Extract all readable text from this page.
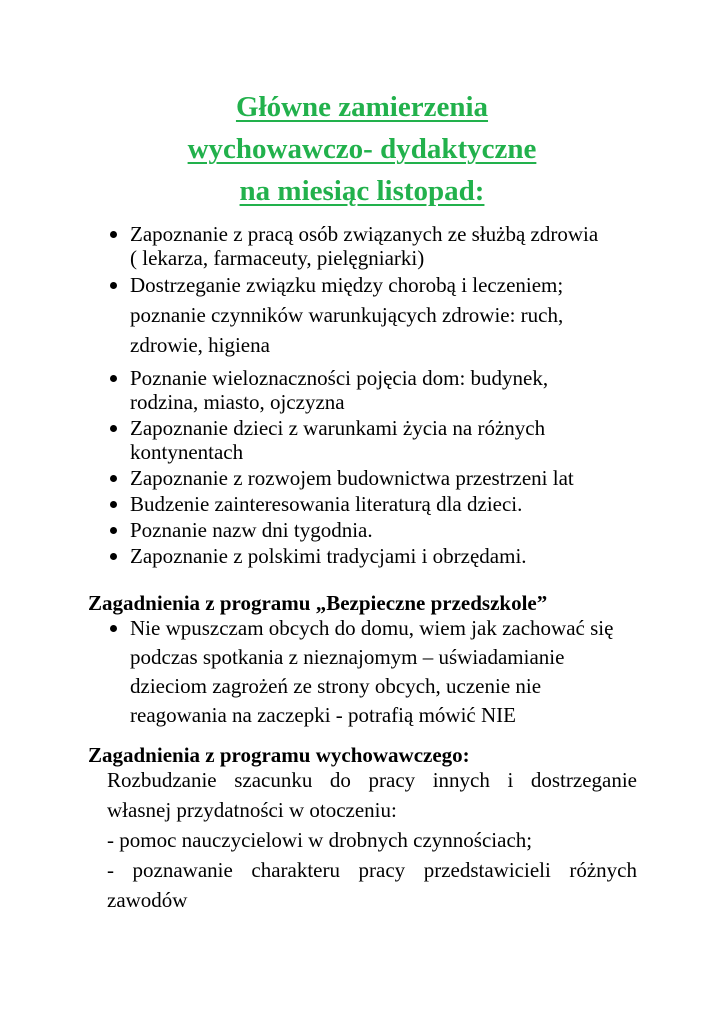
Główne zamierzenia
wychowawczo- dydaktyczne
na miesiąc listopad:
Zapoznanie z pracą osób związanych ze służbą zdrowia
( lekarza, farmaceuty, pielęgniarki)
Dostrzeganie związku między chorobą i leczeniem;
poznanie czynników warunkujących zdrowie: ruch,
zdrowie, higiena
Poznanie wieloznaczności pojęcia dom: budynek,
rodzina, miasto, ojczyzna
Zapoznanie dzieci z warunkami życia na różnych
kontynentach
Zapoznanie z rozwojem budownictwa przestrzeni lat
Budzenie zainteresowania literaturą dla dzieci.
Poznanie nazw dni tygodnia.
Zapoznanie z polskimi tradycjami i obrzędami.
Zagadnienia z programu „Bezpieczne przedszkole”
Nie wpuszczam obcych do domu, wiem jak zachować się
podczas spotkania z nieznajomym – uświadamianie
dzieciom zagrożeń ze strony obcych, uczenie nie
reagowania na zaczepki - potrafią mówić NIE
Zagadnienia z programu wychowawczego:
Rozbudzanie szacunku do pracy innych i dostrzeganie
własnej przydatności w otoczeniu:
- pomoc nauczycielowi w drobnych czynnościach;
- poznawanie charakteru pracy przedstawicieli różnych
zawodów
